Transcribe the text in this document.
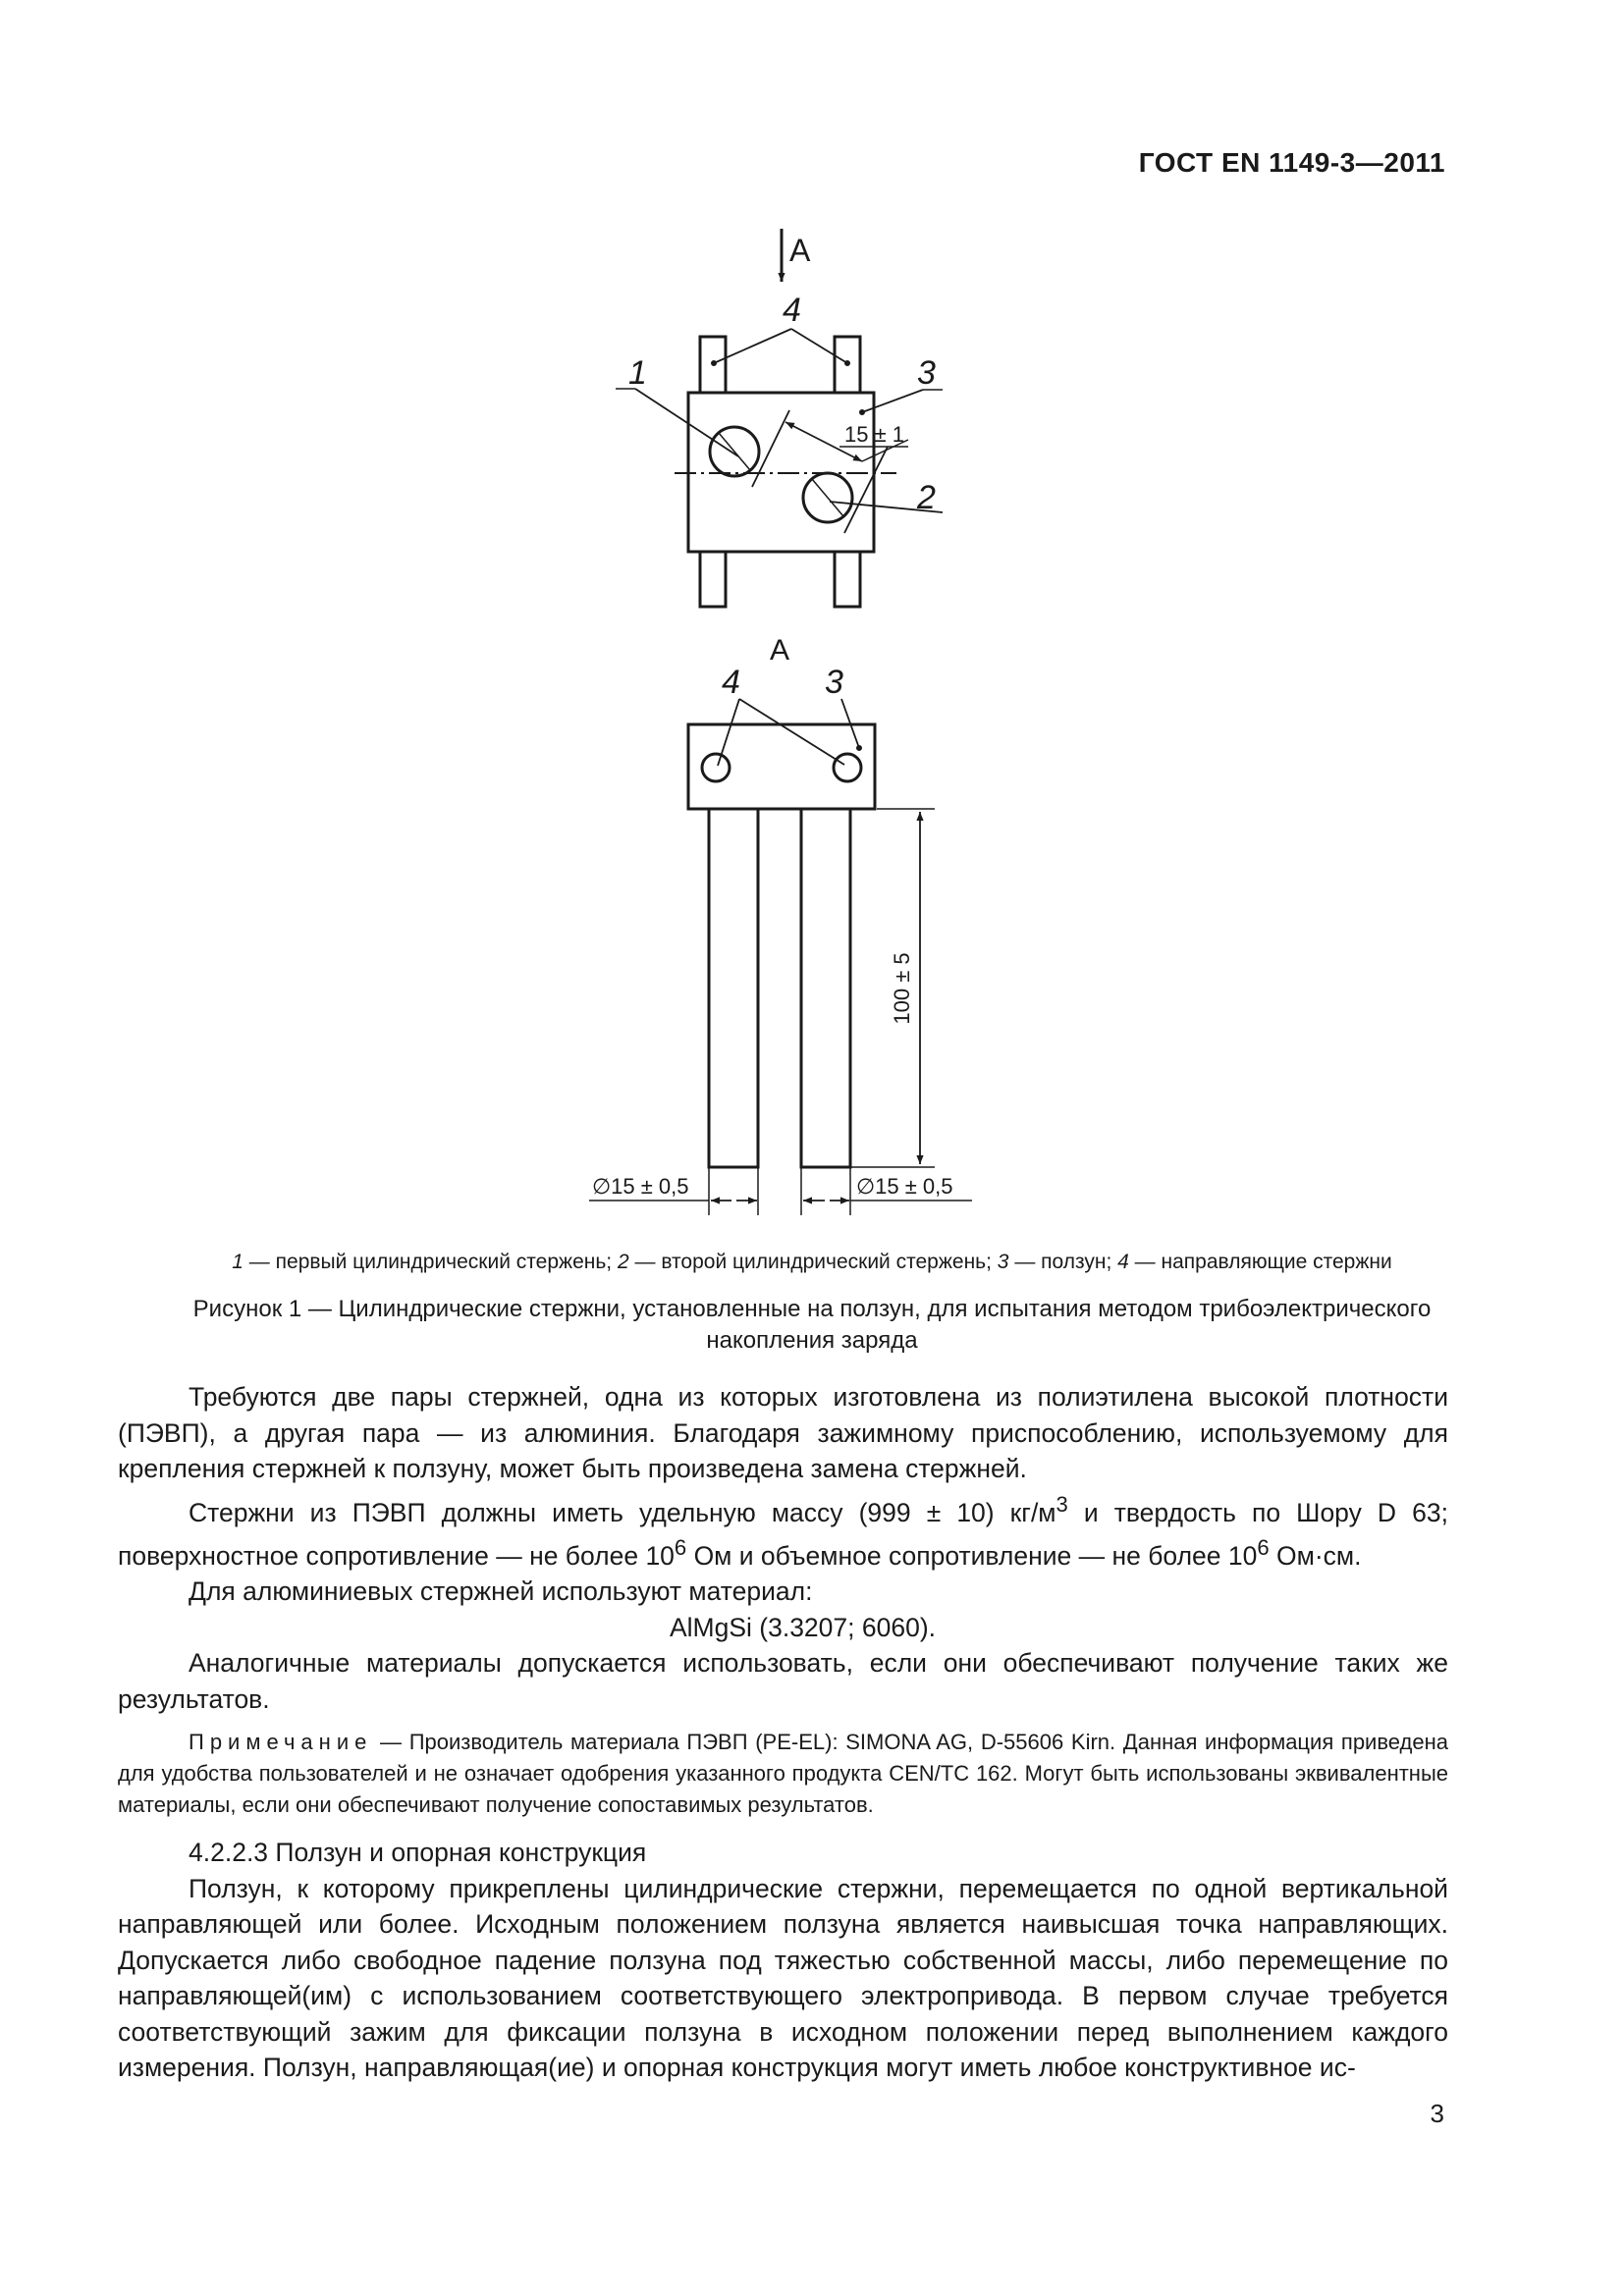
ГОСТ EN 1149-3—2011
A
4
1	3
15 ± 1
2
A
4	3
100 ± 5
∅15 ± 0,5	∅15 ± 0,5
1 — первый цилиндрический стержень; 2 — второй цилиндрический стержень; 3 — ползун; 4 — направляющие стержни
Рисунок 1 — Цилиндрические стержни, установленные на ползун, для испытания методом трибоэлектрического
накопления заряда

Требуются две пары стержней, одна из которых изготовлена из полиэтилена высокой плотности (ПЭВП), а другая пара — из алюминия. Благодаря зажимному приспособлению, используемому для крепления стержней к ползуну, может быть произведена замена стержней.

Стержни из ПЭВП должны иметь удельную массу (999 ± 10) $кг/м^3$ и твердость по Шору D 63; поверхностное сопротивление — не более $10^6$ Ом и объемное сопротивление — не более $10^6$ Ом·см.

Для алюминиевых стержней используют материал:

AlMgSi (3.3207; 6060).

Аналогичные материалы допускается использовать, если они обеспечивают получение таких же результатов.

Примечание — Производитель материала ПЭВП (PE-EL): SIMONA AG, D-55606 Kirn. Данная информация приведена для удобства пользователей и не означает одобрения указанного продукта CEN/TC 162. Могут быть использованы эквивалентные материалы, если они обеспечивают получение сопоставимых результатов.

4.2.2.3 Ползун и опорная конструкция

Ползун, к которому прикреплены цилиндрические стержни, перемещается по одной вертикальной направляющей или более. Исходным положением ползуна является наивысшая точка направляющих. Допускается либо свободное падение ползуна под тяжестью собственной массы, либо перемещение по направляющей(им) с использованием соответствующего электропривода. В первом случае требуется соответствующий зажим для фиксации ползуна в исходном положении перед выполнением каждого измерения. Ползун, направляющая(ие) и опорная конструкция могут иметь любое конструктивное ис-

3
